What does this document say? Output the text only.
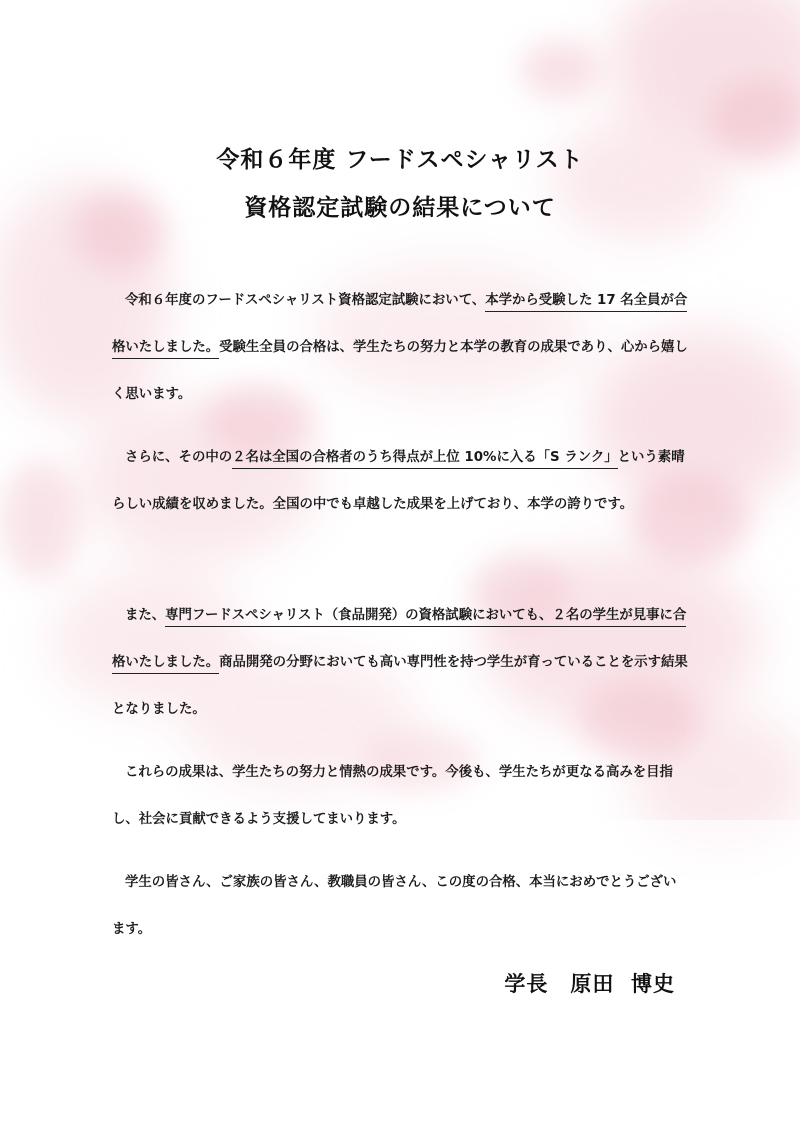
令和６年度 フードスペシャリスト
資格認定試験の結果について
令和６年度のフードスペシャリスト資格認定試験において、本学から受験した 17 名全員が合格いたしました。受験生全員の合格は、学生たちの努力と本学の教育の成果であり、心から嬉しく思います。
さらに、その中の２名は全国の合格者のうち得点が上位 10%に入る「S ランク」という素晴らしい成績を収めました。全国の中でも卓越した成果を上げており、本学の誇りです。
また、専門フードスペシャリスト（食品開発）の資格試験においても、２名の学生が見事に合格いたしました。商品開発の分野においても高い専門性を持つ学生が育っていることを示す結果となりました。
これらの成果は、学生たちの努力と情熱の成果です。今後も、学生たちが更なる高みを目指し、社会に貢献できるよう支援してまいります。
学生の皆さん、ご家族の皆さん、教職員の皆さん、この度の合格、本当におめでとうございます。
学長　原田  博史
